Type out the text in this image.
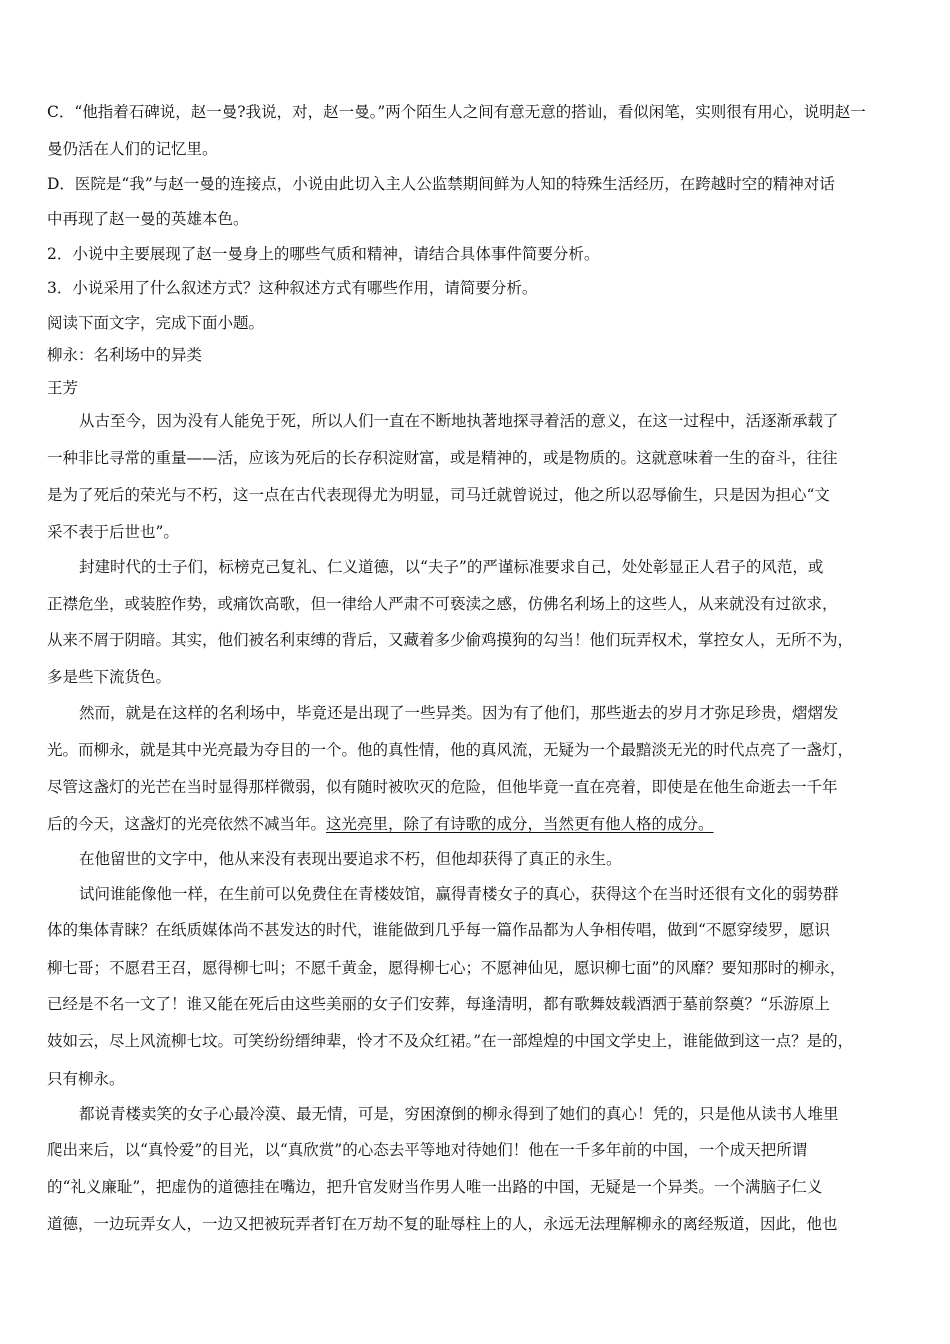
C．“他指着石碑说，赵一曼?我说，对，赵一曼。”两个陌生人之间有意无意的搭讪，看似闲笔，实则很有用心，说明赵一
曼仍活在人们的记忆里。
D．医院是“我”与赵一曼的连接点，小说由此切入主人公监禁期间鲜为人知的特殊生活经历，在跨越时空的精神对话
中再现了赵一曼的英雄本色。
2．小说中主要展现了赵一曼身上的哪些气质和精神，请结合具体事件简要分析。
3．小说采用了什么叙述方式？这种叙述方式有哪些作用，请简要分析。
阅读下面文字，完成下面小题。
柳永：名利场中的异类
王芳
从古至今，因为没有人能免于死，所以人们一直在不断地执著地探寻着活的意义，在这一过程中，活逐渐承载了
一种非比寻常的重量——活，应该为死后的长存积淀财富，或是精神的，或是物质的。这就意味着一生的奋斗，往往
是为了死后的荣光与不朽，这一点在古代表现得尤为明显，司马迁就曾说过，他之所以忍辱偷生，只是因为担心“文
采不表于后世也”。
封建时代的士子们，标榜克己复礼、仁义道德，以“夫子”的严谨标准要求自己，处处彰显正人君子的风范，或
正襟危坐，或装腔作势，或痛饮高歌，但一律给人严肃不可亵渎之感，仿佛名利场上的这些人，从来就没有过欲求，
从来不屑于阴暗。其实，他们被名利束缚的背后，又藏着多少偷鸡摸狗的勾当！他们玩弄权术，掌控女人，无所不为，
多是些下流货色。
然而，就是在这样的名利场中，毕竟还是出现了一些异类。因为有了他们，那些逝去的岁月才弥足珍贵，熠熠发
光。而柳永，就是其中光亮最为夺目的一个。他的真性情，他的真风流，无疑为一个最黯淡无光的时代点亮了一盏灯，
尽管这盏灯的光芒在当时显得那样微弱，似有随时被吹灭的危险，但他毕竟一直在亮着，即使是在他生命逝去一千年
后的今天，这盏灯的光亮依然不减当年。这光亮里，除了有诗歌的成分，当然更有他人格的成分。
在他留世的文字中，他从来没有表现出要追求不朽，但他却获得了真正的永生。
试问谁能像他一样，在生前可以免费住在青楼妓馆，赢得青楼女子的真心，获得这个在当时还很有文化的弱势群
体的集体青睐？在纸质媒体尚不甚发达的时代，谁能做到几乎每一篇作品都为人争相传唱，做到“不愿穿绫罗，愿识
柳七哥；不愿君王召，愿得柳七叫；不愿千黄金，愿得柳七心；不愿神仙见，愿识柳七面”的风靡？要知那时的柳永，
已经是不名一文了！谁又能在死后由这些美丽的女子们安葬，每逢清明，都有歌舞妓载酒洒于墓前祭奠？“乐游原上
妓如云，尽上风流柳七坟。可笑纷纷缙绅辈，怜才不及众红裙。”在一部煌煌的中国文学史上，谁能做到这一点？是的，
只有柳永。
都说青楼卖笑的女子心最冷漠、最无情，可是，穷困潦倒的柳永得到了她们的真心！凭的，只是他从读书人堆里
爬出来后，以“真怜爱”的目光，以“真欣赏”的心态去平等地对待她们！他在一千多年前的中国，一个成天把所谓
的“礼义廉耻”，把虚伪的道德挂在嘴边，把升官发财当作男人唯一出路的中国，无疑是一个异类。一个满脑子仁义
道德，一边玩弄女人，一边又把被玩弄者钉在万劫不复的耻辱柱上的人，永远无法理解柳永的离经叛道，因此，他也
